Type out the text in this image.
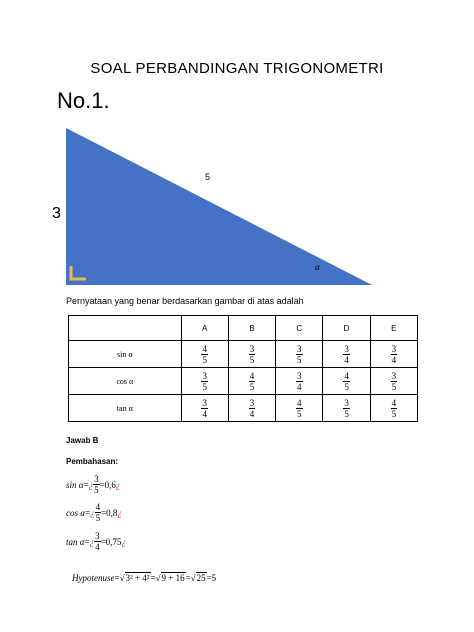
SOAL PERBANDINGAN TRIGONOMETRI
No.1.
3
5
α
Pernyataan yang benar berdasarkan gambar di atas adalah
	A	B	C	D	E
sin α	$\frac{4}{5}$	$\frac{3}{5}$	$\frac{3}{5}$	$\frac{3}{4}$	$\frac{3}{4}$

cos α	$\frac{3}{5}$	$\frac{4}{5}$	$\frac{3}{4}$	$\frac{4}{5}$	$\frac{3}{5}$

tan α	$\frac{3}{4}$	$\frac{3}{4}$	$\frac{4}{5}$	$\frac{3}{5}$	$\frac{4}{5}$
Jawab B
Pembahasan:
sin α = ¿ $\frac{3}{5} =0,6$ ¿
cos α = ¿ $\frac{4}{5} =0,8$ ¿
tan α = ¿ $\frac{3}{4} =0,75$ ¿
Hypotenuse=√3² + 4²=√9 + 16=√25=5
